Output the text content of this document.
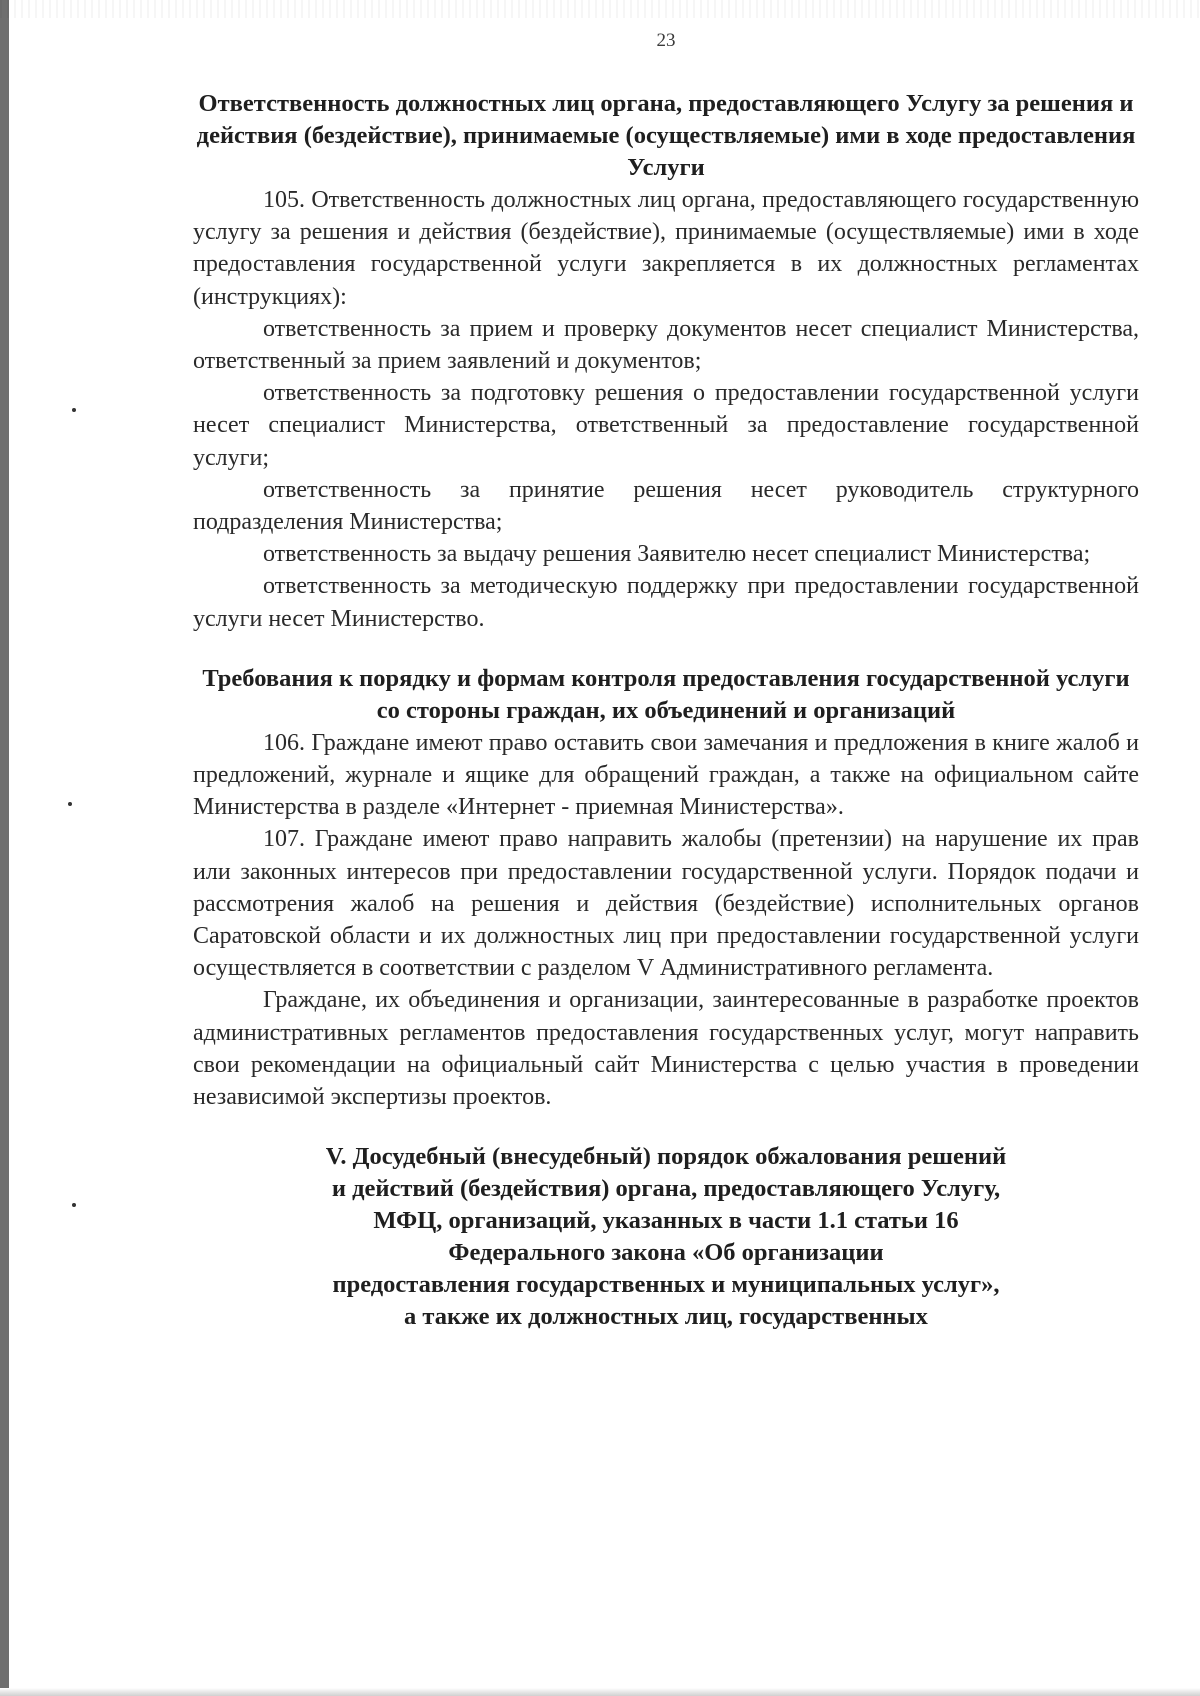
23
Ответственность должностных лиц органа, предоставляющего Услугу за решения и действия (бездействие), принимаемые (осуществляемые) ими в ходе предоставления Услуги

105. Ответственность должностных лиц органа, предоставляющего государственную услугу за решения и действия (бездействие), принимаемые (осуществляемые) ими в ходе предоставления государственной услуги закрепляется в их должностных регламентах (инструкциях):

ответственность за прием и проверку документов несет специалист Министерства, ответственный за прием заявлений и документов;

ответственность за подготовку решения о предоставлении государственной услуги несет специалист Министерства, ответственный за предоставление государственной услуги;

ответственность за принятие решения несет руководитель структурного подразделения Министерства;

ответственность за выдачу решения Заявителю несет специалист Министерства;

ответственность за методическую поддержку при предоставлении государственной услуги несет Министерство.

Требования к порядку и формам контроля предоставления государственной услуги со стороны граждан, их объединений и организаций

106. Граждане имеют право оставить свои замечания и предложения в книге жалоб и предложений, журнале и ящике для обращений граждан, а также на официальном сайте Министерства в разделе «Интернет - приемная Министерства».

107. Граждане имеют право направить жалобы (претензии) на нарушение их прав или законных интересов при предоставлении государственной услуги. Порядок подачи и рассмотрения жалоб на решения и действия (бездействие) исполнительных органов Саратовской области и их должностных лиц при предоставлении государственной услуги осуществляется в соответствии с разделом V Административного регламента.

Граждане, их объединения и организации, заинтересованные в разработке проектов административных регламентов предоставления государственных услуг, могут направить свои рекомендации на официальный сайт Министерства с целью участия в проведении независимой экспертизы проектов.

V. Досудебный (внесудебный) порядок обжалования решений
и действий (бездействия) органа, предоставляющего Услугу,
МФЦ, организаций, указанных в части 1.1 статьи 16
Федерального закона «Об организации
предоставления государственных и муниципальных услуг»,
а также их должностных лиц, государственных
